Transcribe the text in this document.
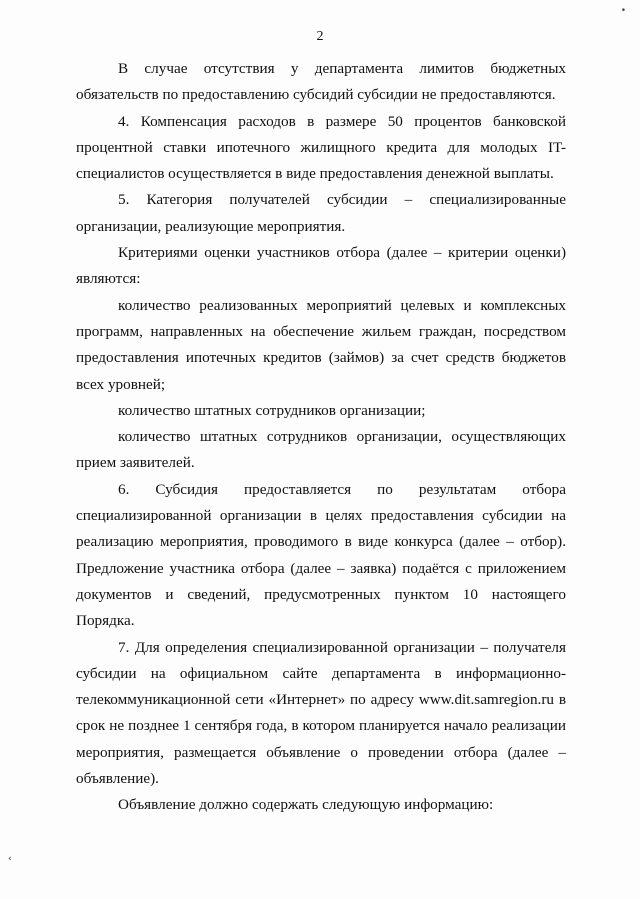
•
2

В случае отсутствия у департамента лимитов бюджетных обязательств по предоставлению субсидий субсидии не предоставляются.

4. Компенсация расходов в размере 50 процентов банковской процентной ставки ипотечного жилищного кредита для молодых IT-специалистов осуществляется в виде предоставления денежной выплаты.

5. Категория получателей субсидии – специализированные организации, реализующие мероприятия.

Критериями оценки участников отбора (далее – критерии оценки) являются:

количество реализованных мероприятий целевых и комплексных программ, направленных на обеспечение жильем граждан, посредством предоставления ипотечных кредитов (займов) за счет средств бюджетов всех уровней;

количество штатных сотрудников организации;

количество штатных сотрудников организации, осуществляющих прием заявителей.

6. Субсидия предоставляется по результатам отбора специализированной организации в целях предоставления субсидии на реализацию мероприятия, проводимого в виде конкурса (далее – отбор). Предложение участника отбора (далее – заявка) подаётся с приложением документов и сведений, предусмотренных пунктом 10 настоящего Порядка.

7. Для определения специализированной организации – получателя субсидии на официальном сайте департамента в информационно-телекоммуникационной сети «Интернет» по адресу www.dit.samregion.ru в срок не позднее 1 сентября года, в котором планируется начало реализации мероприятия, размещается объявление о проведении отбора (далее – объявление).

Объявление должно содержать следующую информацию:

‹
